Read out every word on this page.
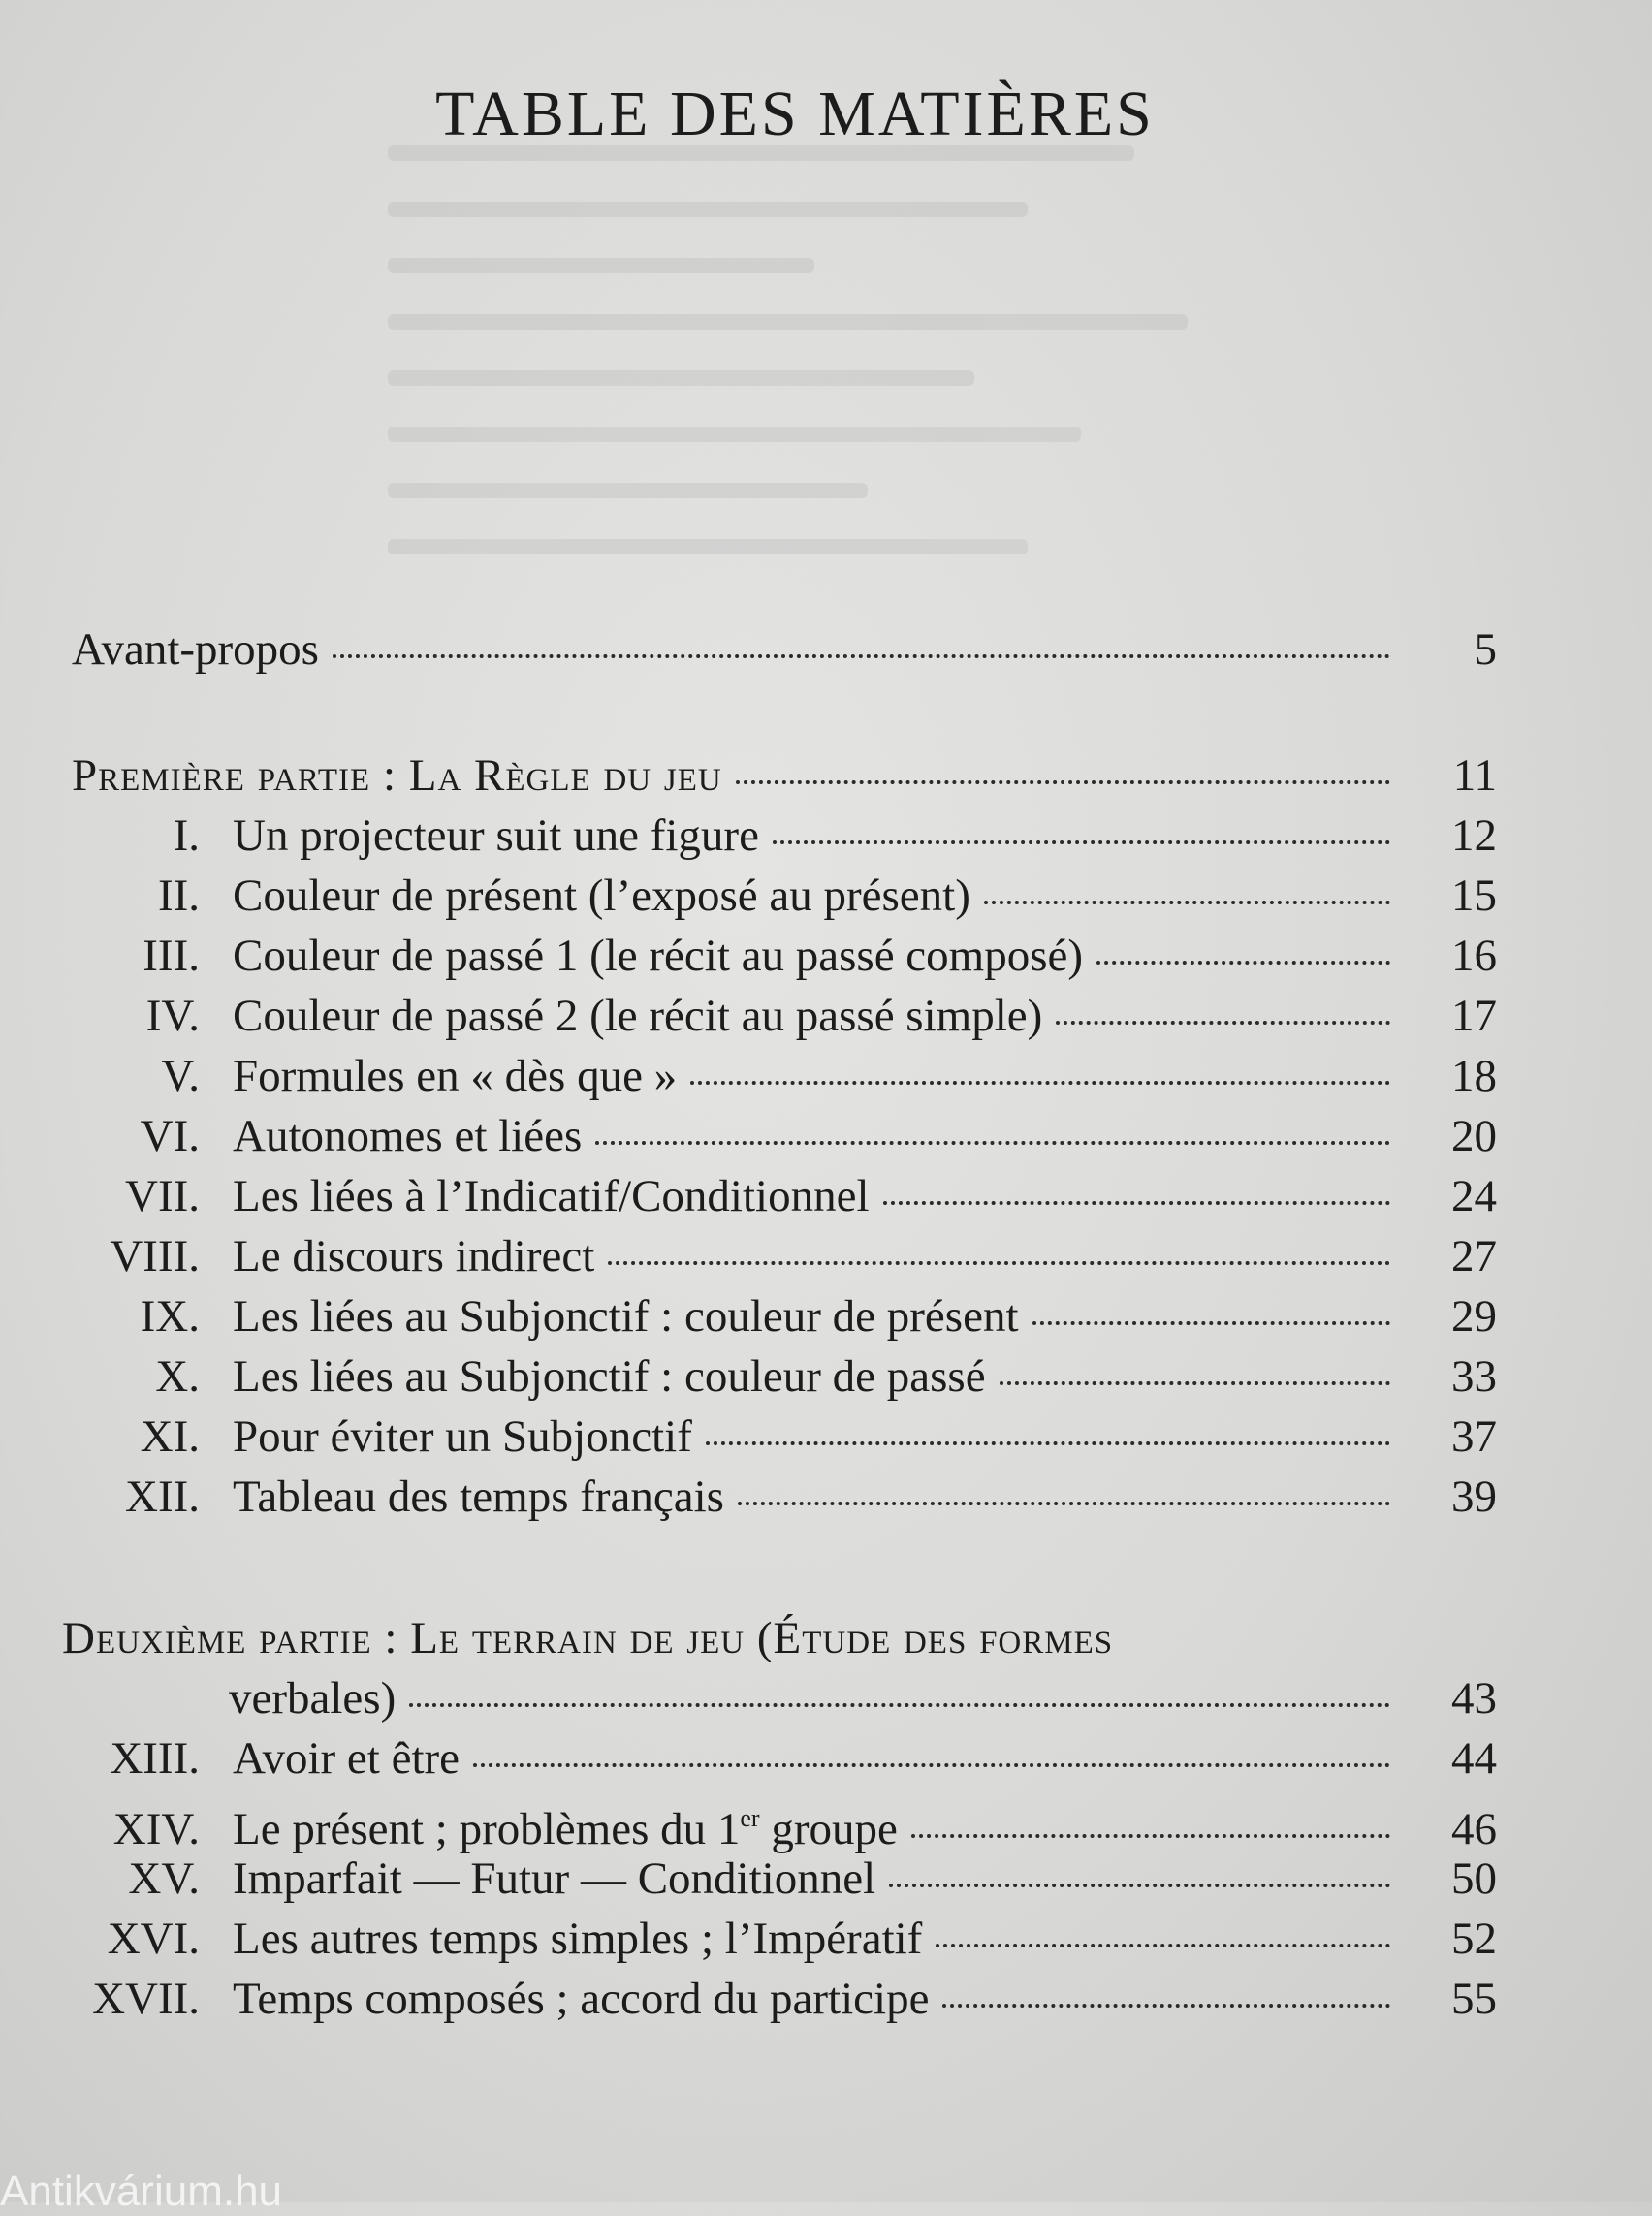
TABLE DES MATIÈRES
Avant-propos	5
Première partie : La Règle du jeu	11
I. Un projecteur suit une figure	12
II. Couleur de présent (l’exposé au présent)	15
III. Couleur de passé 1 (le récit au passé composé)	16
IV. Couleur de passé 2 (le récit au passé simple)	17
V. Formules en « dès que »	18
VI. Autonomes et liées	20
VII. Les liées à l’Indicatif/Conditionnel	24
VIII. Le discours indirect	27
IX. Les liées au Subjonctif : couleur de présent	29
X. Les liées au Subjonctif : couleur de passé	33
XI. Pour éviter un Subjonctif	37
XII. Tableau des temps français	39
Deuxième partie : Le terrain de jeu (Étude des formes
verbales)	43
XIII. Avoir et être	44
XIV. Le présent ; problèmes du 1er groupe	46
XV. Imparfait — Futur — Conditionnel	50
XVI. Les autres temps simples ; l’Impératif	52
XVII. Temps composés ; accord du participe	55
Antikvárium.hu
